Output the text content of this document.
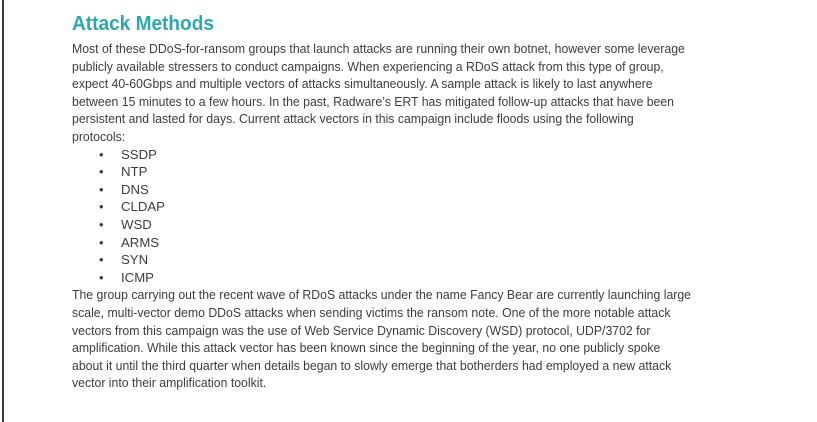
Attack Methods
Most of these DDoS-for-ransom groups that launch attacks are running their own botnet, however some leverage
publicly available stressers to conduct campaigns. When experiencing a RDoS attack from this type of group,
expect 40-60Gbps and multiple vectors of attacks simultaneously. A sample attack is likely to last anywhere
between 15 minutes to a few hours. In the past, Radware’s ERT has mitigated follow-up attacks that have been
persistent and lasted for days. Current attack vectors in this campaign include floods using the following
protocols:
• SSDP
• NTP
• DNS
• CLDAP
• WSD
• ARMS
• SYN
• ICMP
The group carrying out the recent wave of RDoS attacks under the name Fancy Bear are currently launching large
scale, multi-vector demo DDoS attacks when sending victims the ransom note. One of the more notable attack
vectors from this campaign was the use of Web Service Dynamic Discovery (WSD) protocol, UDP/3702 for
amplification. While this attack vector has been known since the beginning of the year, no one publicly spoke
about it until the third quarter when details began to slowly emerge that botherders had employed a new attack
vector into their amplification toolkit.
